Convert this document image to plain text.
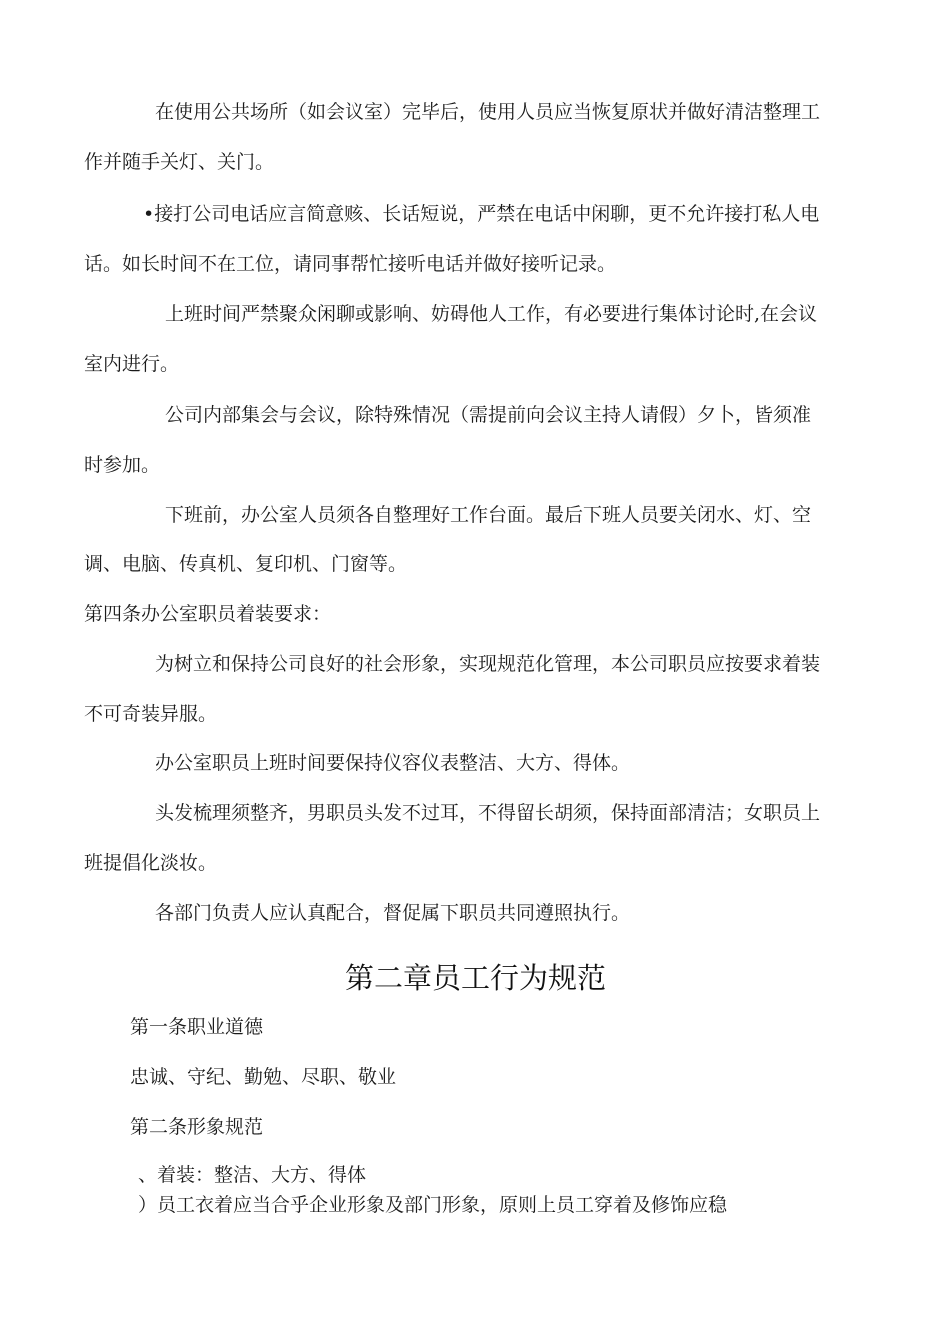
在使用公共场所（如会议室）完毕后，使用人员应当恢复原状并做好清洁整理工
作并随手关灯、关门。
•接打公司电话应言简意赅、长话短说，严禁在电话中闲聊，更不允许接打私人电
话。如长时间不在工位，请同事帮忙接听电话并做好接听记录。
上班时间严禁聚众闲聊或影响、妨碍他人工作，有必要进行集体讨论时,在会议
室内进行。
公司内部集会与会议，除特殊情况（需提前向会议主持人请假）夕卜，皆须准
时参加。
下班前，办公室人员须各自整理好工作台面。最后下班人员要关闭水、灯、空
调、电脑、传真机、复印机、门窗等。
第四条办公室职员着装要求：
为树立和保持公司良好的社会形象，实现规范化管理，本公司职员应按要求着装
不可奇装异服。
办公室职员上班时间要保持仪容仪表整洁、大方、得体。
头发梳理须整齐，男职员头发不过耳，不得留长胡须，保持面部清洁；女职员上
班提倡化淡妆。
各部门负责人应认真配合，督促属下职员共同遵照执行。
第二章员工行为规范
第一条职业道德
忠诚、守纪、勤勉、尽职、敬业
第二条形象规范
、着装：整洁、大方、得体
）员工衣着应当合乎企业形象及部门形象，原则上员工穿着及修饰应稳
